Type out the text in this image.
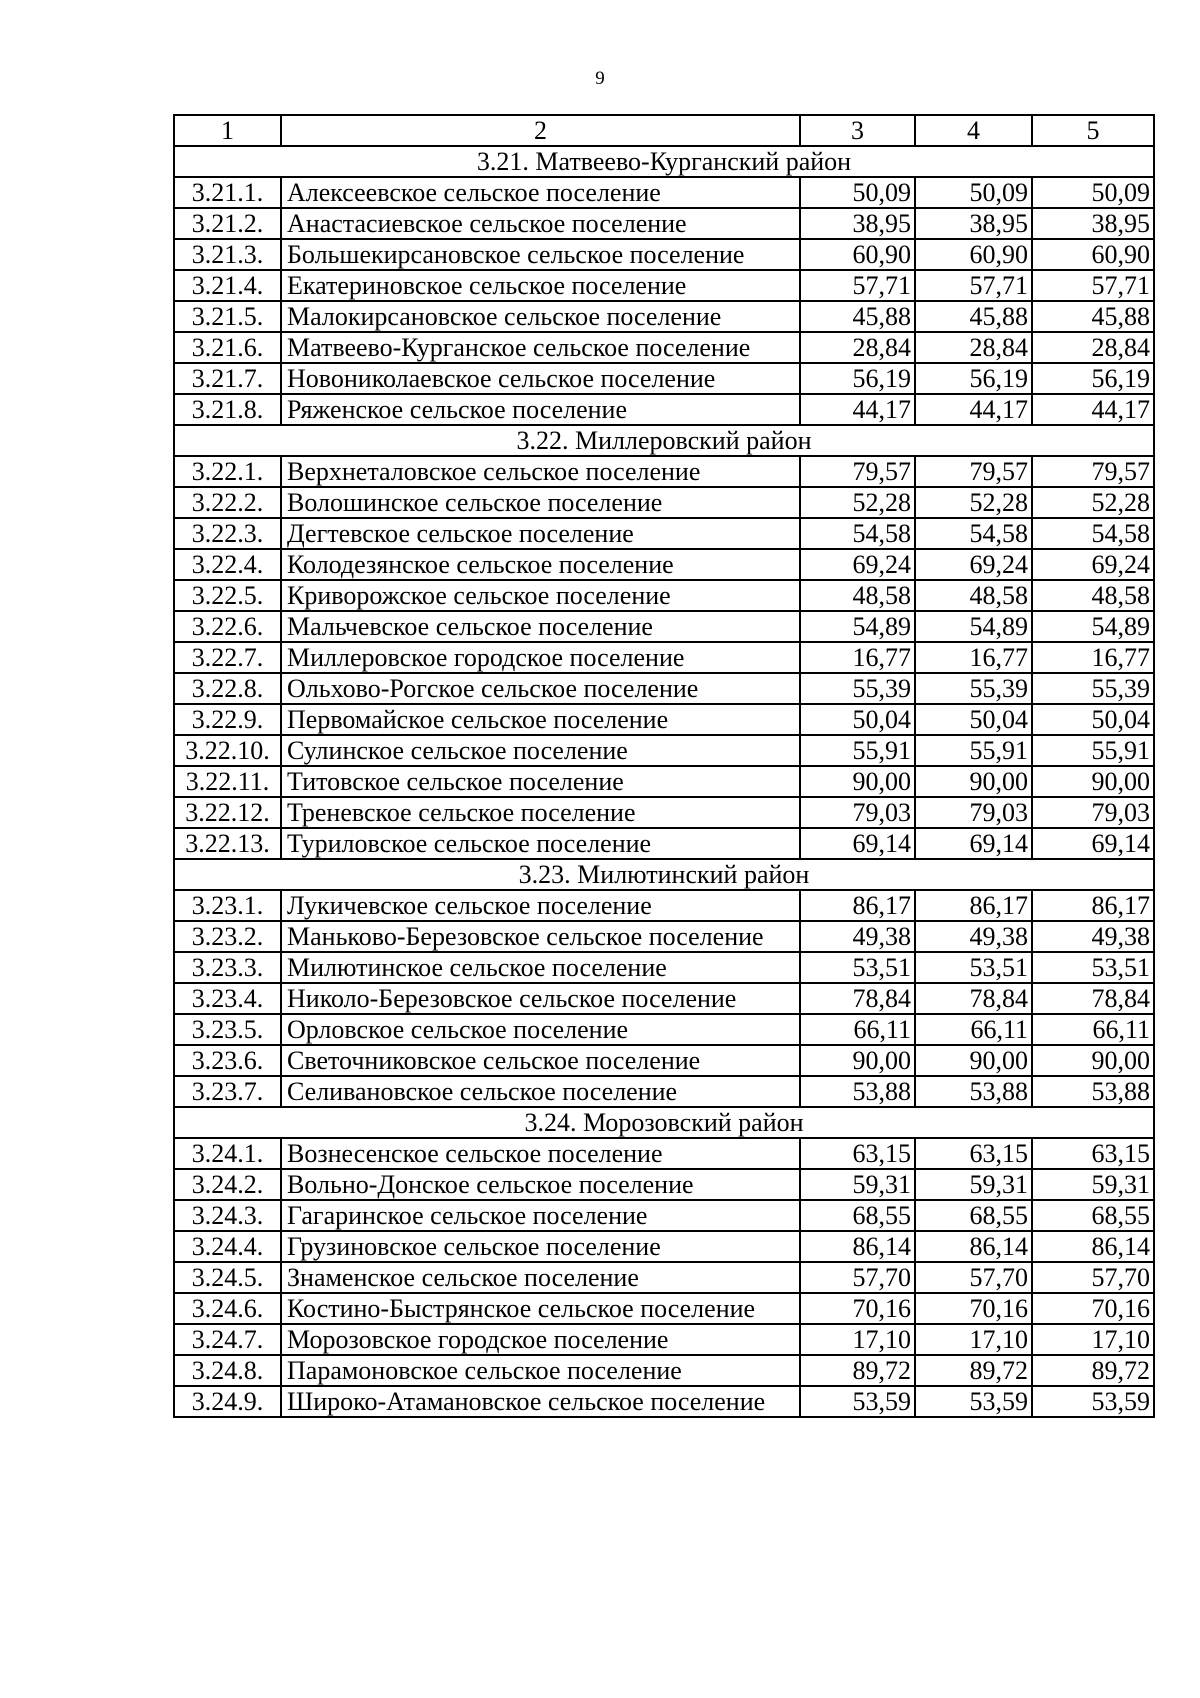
9
1	2	3	4	5
3.21. Матвеево-Курганский район				
3.21.1.	Алексеевское сельское поселение	50,09	50,09	50,09
3.21.2.	Анастасиевское сельское поселение	38,95	38,95	38,95
3.21.3.	Большекирсановское сельское поселение	60,90	60,90	60,90
3.21.4.	Екатериновское сельское поселение	57,71	57,71	57,71
3.21.5.	Малокирсановское сельское поселение	45,88	45,88	45,88
3.21.6.	Матвеево-Курганское сельское поселение	28,84	28,84	28,84
3.21.7.	Новониколаевское сельское поселение	56,19	56,19	56,19
3.21.8.	Ряженское сельское поселение	44,17	44,17	44,17
3.22. Миллеровский район				
3.22.1.	Верхнеталовское сельское поселение	79,57	79,57	79,57
3.22.2.	Волошинское сельское поселение	52,28	52,28	52,28
3.22.3.	Дегтевское сельское поселение	54,58	54,58	54,58
3.22.4.	Колодезянское сельское поселение	69,24	69,24	69,24
3.22.5.	Криворожское сельское поселение	48,58	48,58	48,58
3.22.6.	Мальчевское сельское поселение	54,89	54,89	54,89
3.22.7.	Миллеровское городское поселение	16,77	16,77	16,77
3.22.8.	Ольхово-Рогское сельское поселение	55,39	55,39	55,39
3.22.9.	Первомайское сельское поселение	50,04	50,04	50,04
3.22.10.	Сулинское сельское поселение	55,91	55,91	55,91
3.22.11.	Титовское сельское поселение	90,00	90,00	90,00
3.22.12.	Треневское сельское поселение	79,03	79,03	79,03
3.22.13.	Туриловское сельское поселение	69,14	69,14	69,14
3.23. Милютинский район				
3.23.1.	Лукичевское сельское поселение	86,17	86,17	86,17
3.23.2.	Маньково-Березовское сельское поселение	49,38	49,38	49,38
3.23.3.	Милютинское сельское поселение	53,51	53,51	53,51
3.23.4.	Николо-Березовское сельское поселение	78,84	78,84	78,84
3.23.5.	Орловское сельское поселение	66,11	66,11	66,11
3.23.6.	Светочниковское сельское поселение	90,00	90,00	90,00
3.23.7.	Селивановское сельское поселение	53,88	53,88	53,88
3.24. Морозовский район				
3.24.1.	Вознесенское сельское поселение	63,15	63,15	63,15
3.24.2.	Вольно-Донское сельское поселение	59,31	59,31	59,31
3.24.3.	Гагаринское сельское поселение	68,55	68,55	68,55
3.24.4.	Грузиновское сельское поселение	86,14	86,14	86,14
3.24.5.	Знаменское сельское поселение	57,70	57,70	57,70
3.24.6.	Костино-Быстрянское сельское поселение	70,16	70,16	70,16
3.24.7.	Морозовское городское поселение	17,10	17,10	17,10
3.24.8.	Парамоновское сельское поселение	89,72	89,72	89,72
3.24.9.	Широко-Атамановское сельское поселение	53,59	53,59	53,59
